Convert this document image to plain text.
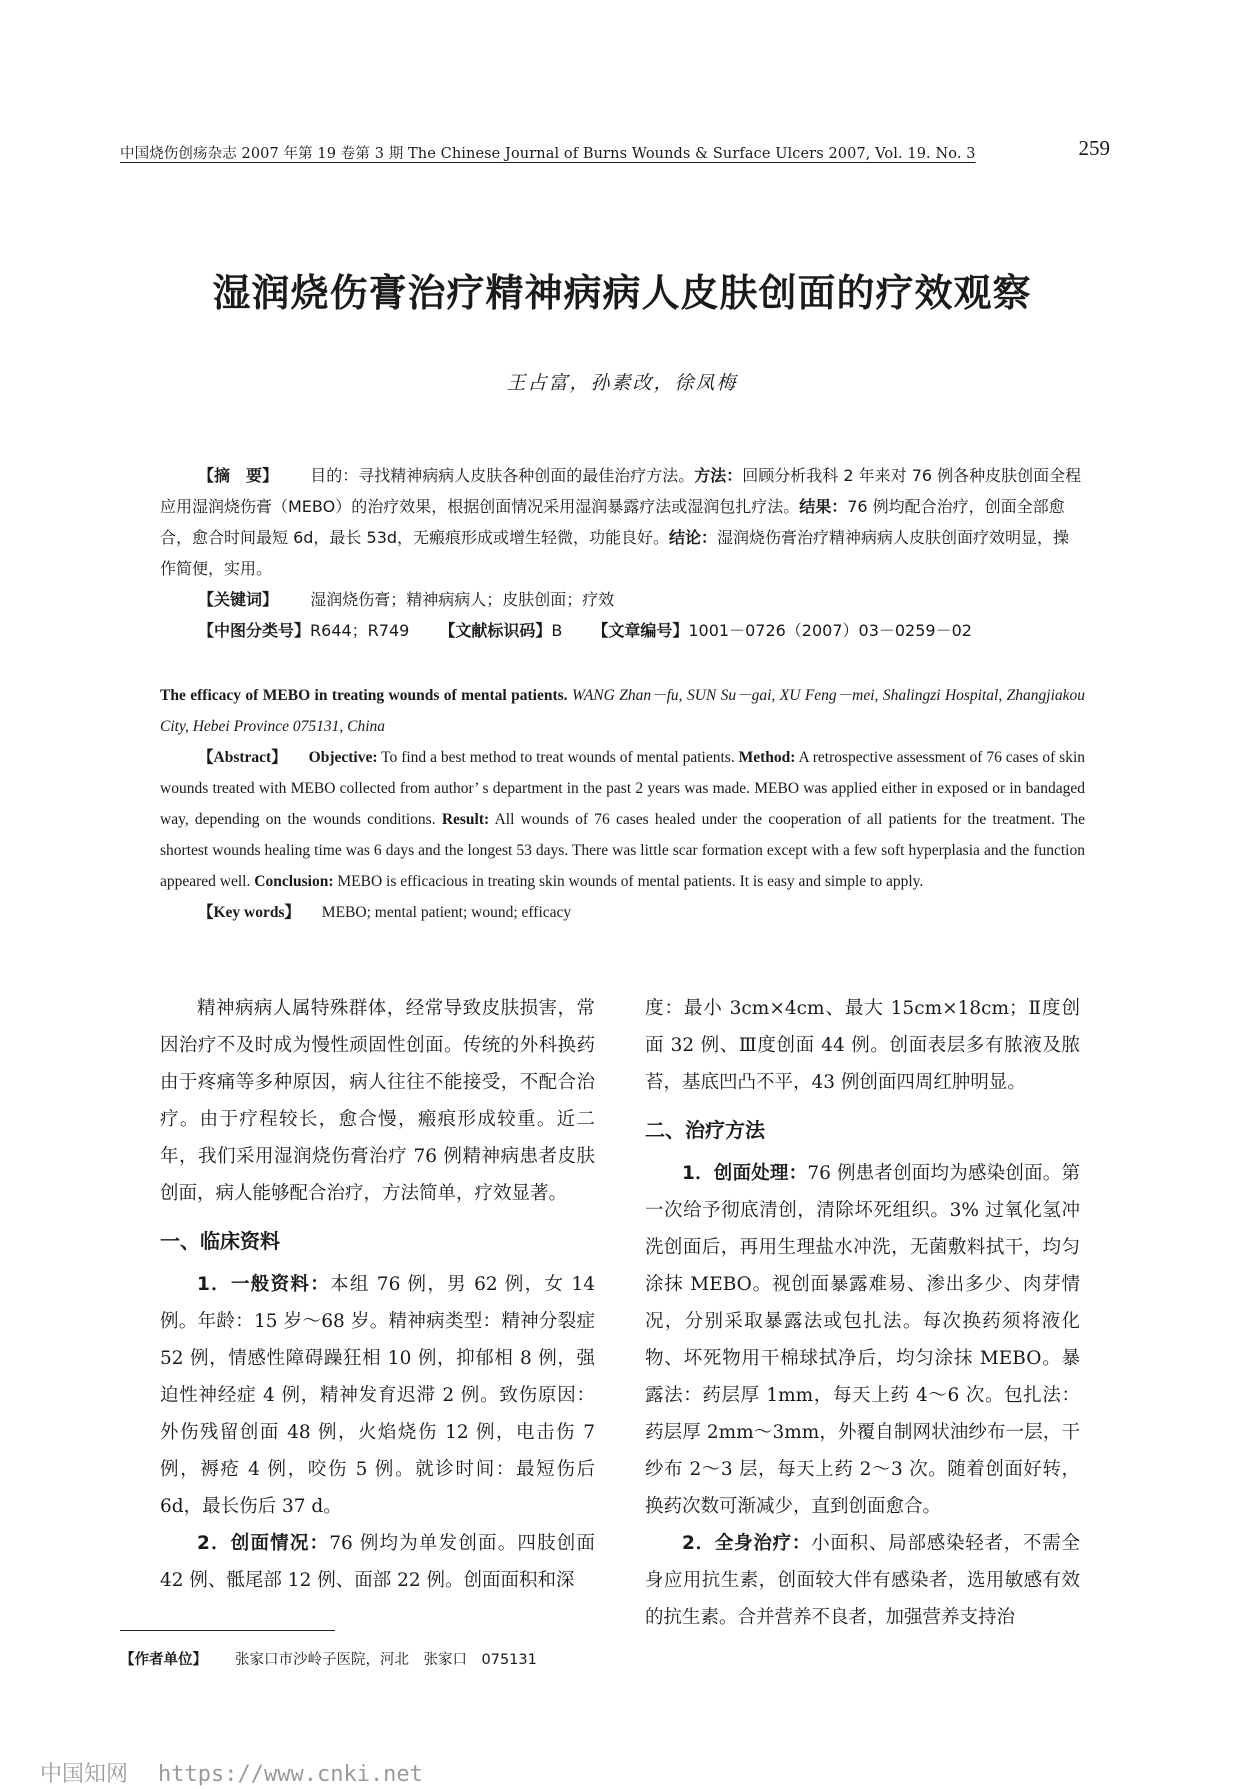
中国烧伤创疡杂志 2007 年第 19 卷第 3 期 The Chinese Journal of Burns Wounds & Surface Ulcers 2007, Vol. 19. No. 3	259
湿润烧伤膏治疗精神病病人皮肤创面的疗效观察
王占富，孙素改，徐凤梅

【摘　要】 目的：寻找精神病病人皮肤各种创面的最佳治疗方法。方法：回顾分析我科 2 年来对 76 例各种皮肤创面全程应用湿润烧伤膏（MEBO）的治疗效果，根据创面情况采用湿润暴露疗法或湿润包扎疗法。结果：76 例均配合治疗，创面全部愈合，愈合时间最短 6d，最长 53d，无瘢痕形成或增生轻微，功能良好。结论：湿润烧伤膏治疗精神病病人皮肤创面疗效明显，操作简便，实用。

【关键词】 湿润烧伤膏；精神病病人；皮肤创面；疗效

【中图分类号】R644；R749 【文献标识码】B 【文章编号】1001－0726（2007）03－0259－02

The efficacy of MEBO in treating wounds of mental patients. WANG Zhan－fu, SUN Su－gai, XU Feng－mei, Shalingzi Hospital, Zhangjiakou City, Hebei Province 075131, China

【Abstract】 Objective: To find a best method to treat wounds of mental patients. Method: A retrospective assessment of 76 cases of skin wounds treated with MEBO collected from author’ s department in the past 2 years was made. MEBO was applied either in exposed or in bandaged way, depending on the wounds conditions. Result: All wounds of 76 cases healed under the cooperation of all patients for the treatment. The shortest wounds healing time was 6 days and the longest 53 days. There was little scar formation except with a few soft hyperplasia and the function appeared well. Conclusion: MEBO is efficacious in treating skin wounds of mental patients. It is easy and simple to apply.

【Key words】 MEBO; mental patient; wound; efficacy

精神病病人属特殊群体，经常导致皮肤损害，常因治疗不及时成为慢性顽固性创面。传统的外科换药由于疼痛等多种原因，病人往往不能接受，不配合治疗。由于疗程较长，愈合慢，瘢痕形成较重。近二年，我们采用湿润烧伤膏治疗 76 例精神病患者皮肤创面，病人能够配合治疗，方法简单，疗效显著。

一、临床资料

1．一般资料：本组 76 例，男 62 例，女 14 例。年龄：15 岁～68 岁。精神病类型：精神分裂症 52 例，情感性障碍躁狂相 10 例，抑郁相 8 例，强迫性神经症 4 例，精神发育迟滞 2 例。致伤原因：外伤残留创面 48 例，火焰烧伤 12 例，电击伤 7 例，褥疮 4 例，咬伤 5 例。就诊时间：最短伤后 6d，最长伤后 37 d。

2．创面情况：76 例均为单发创面。四肢创面 42 例、骶尾部 12 例、面部 22 例。创面面积和深

度：最小 3cm×4cm、最大 15cm×18cm；Ⅱ度创面 32 例、Ⅲ度创面 44 例。创面表层多有脓液及脓苔，基底凹凸不平，43 例创面四周红肿明显。

二、治疗方法

1．创面处理：76 例患者创面均为感染创面。第一次给予彻底清创，清除坏死组织。3% 过氧化氢冲洗创面后，再用生理盐水冲洗，无菌敷料拭干，均匀涂抹 MEBO。视创面暴露难易、渗出多少、肉芽情况，分别采取暴露法或包扎法。每次换药须将液化物、坏死物用干棉球拭净后，均匀涂抹 MEBO。暴露法：药层厚 1mm，每天上药 4～6 次。包扎法：药层厚 2mm～3mm，外覆自制网状油纱布一层，干纱布 2～3 层，每天上药 2～3 次。随着创面好转，换药次数可渐减少，直到创面愈合。

2．全身治疗：小面积、局部感染轻者，不需全身应用抗生素，创面较大伴有感染者，选用敏感有效的抗生素。合并营养不良者，加强营养支持治

【作者单位】 张家口市沙岭子医院，河北　张家口　075131
中国知网 https://www.cnki.net
